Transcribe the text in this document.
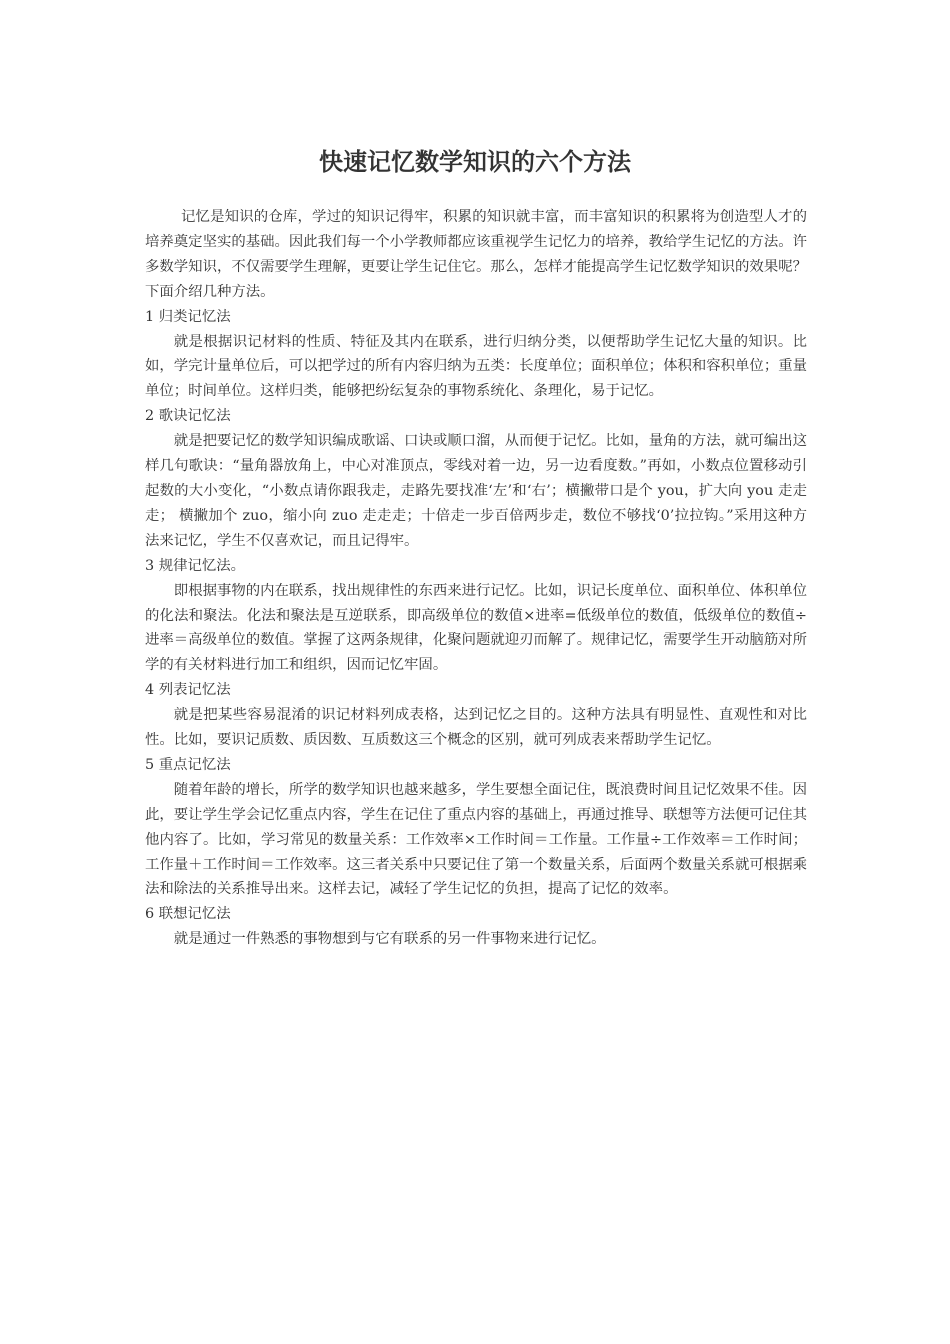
快速记忆数学知识的六个方法

记忆是知识的仓库，学过的知识记得牢，积累的知识就丰富，而丰富知识的积累将为创造型人才的培养奠定坚实的基础。因此我们每一个小学教师都应该重视学生记忆力的培养，教给学生记忆的方法。许多数学知识，不仅需要学生理解，更要让学生记住它。那么，怎样才能提高学生记忆数学知识的效果呢？下面介绍几种方法。

1 归类记忆法

就是根据识记材料的性质、特征及其内在联系，进行归纳分类，以便帮助学生记忆大量的知识。比如，学完计量单位后，可以把学过的所有内容归纳为五类：长度单位；面积单位；体积和容积单位；重量单位；时间单位。这样归类，能够把纷纭复杂的事物系统化、条理化，易于记忆。

2 歌诀记忆法

就是把要记忆的数学知识编成歌谣、口诀或顺口溜，从而便于记忆。比如，量角的方法，就可编出这样几句歌诀：“量角器放角上，中心对准顶点，零线对着一边，另一边看度数。”再如，小数点位置移动引起数的大小变化，“小数点请你跟我走，走路先要找准‘左’和‘右’；横撇带口是个 you，扩大向 you 走走走； 横撇加个 zuo，缩小向 zuo 走走走；十倍走一步百倍两步走，数位不够找‘0’拉拉钩。”采用这种方法来记忆，学生不仅喜欢记，而且记得牢。

3 规律记忆法。

即根据事物的内在联系，找出规律性的东西来进行记忆。比如，识记长度单位、面积单位、体积单位的化法和聚法。化法和聚法是互逆联系，即高级单位的数值×进率=低级单位的数值，低级单位的数值÷进率＝高级单位的数值。掌握了这两条规律，化聚问题就迎刃而解了。规律记忆，需要学生开动脑筋对所学的有关材料进行加工和组织，因而记忆牢固。

4 列表记忆法

就是把某些容易混淆的识记材料列成表格，达到记忆之目的。这种方法具有明显性、直观性和对比性。比如，要识记质数、质因数、互质数这三个概念的区别，就可列成表来帮助学生记忆。

5 重点记忆法

随着年龄的增长，所学的数学知识也越来越多，学生要想全面记住，既浪费时间且记忆效果不佳。因此，要让学生学会记忆重点内容，学生在记住了重点内容的基础上，再通过推导、联想等方法便可记住其他内容了。比如，学习常见的数量关系：工作效率×工作时间＝工作量。工作量÷工作效率＝工作时间；工作量＋工作时间＝工作效率。这三者关系中只要记住了第一个数量关系，后面两个数量关系就可根据乘法和除法的关系推导出来。这样去记，减轻了学生记忆的负担，提高了记忆的效率。

6 联想记忆法

就是通过一件熟悉的事物想到与它有联系的另一件事物来进行记忆。
